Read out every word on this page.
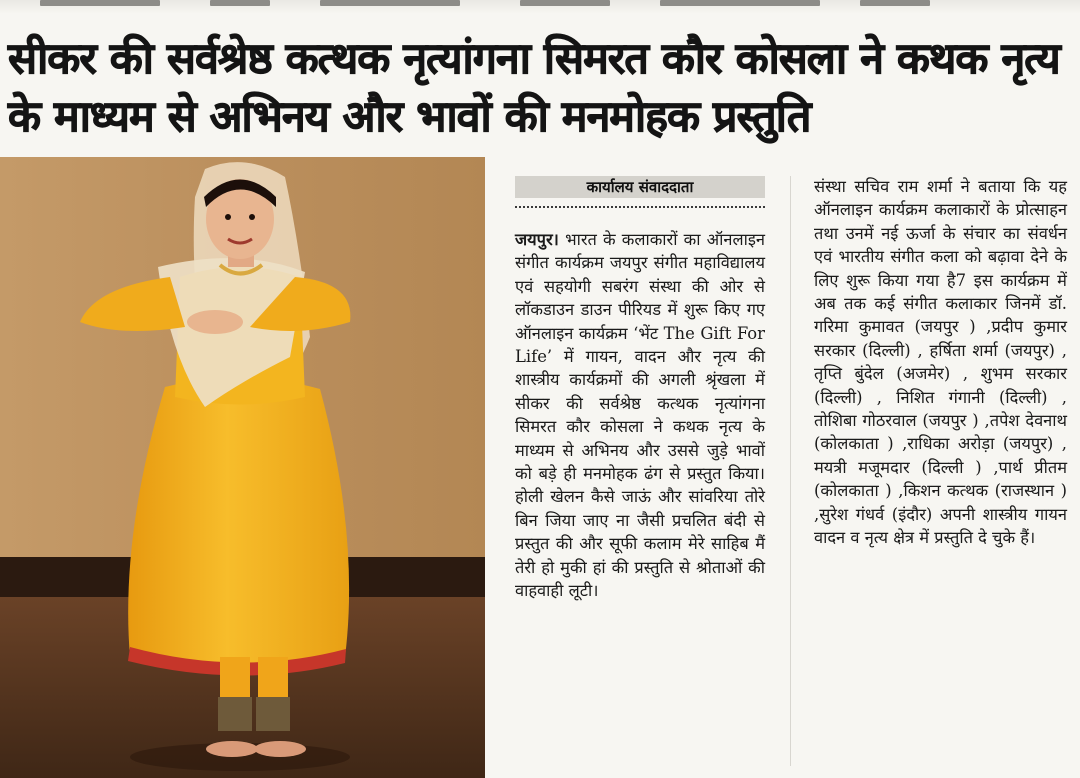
सीकर की सर्वश्रेष्ठ कत्थक नृत्यांगना सिमरत कौर कोसला ने कथक नृत्य के माध्यम से अभिनय और भावों की मनमोहक प्रस्तुति
कार्यालय संवाददाता
जयपुर। भारत के कलाकारों का ऑनलाइन संगीत कार्यक्रम जयपुर संगीत महाविद्यालय एवं सहयोगी सबरंग संस्था की ओर से लॉकडाउन डाउन पीरियड में शुरू किए गए ऑनलाइन कार्यक्रम ‘भेंट The Gift For Life’ में गायन, वादन और नृत्य की शास्त्रीय कार्यक्रमों की अगली श्रृंखला में सीकर की सर्वश्रेष्ठ कत्थक नृत्यांगना सिमरत कौर कोसला ने कथक नृत्य के माध्यम से अभिनय और उससे जुड़े भावों को बड़े ही मनमोहक ढंग से प्रस्तुत किया। होली खेलन कैसे जाऊं और सांवरिया तोरे बिन जिया जाए ना जैसी प्रचलित बंदी से प्रस्तुत की और सूफी कलाम मेरे साहिब मैं तेरी हो मुकी हां की प्रस्तुति से श्रोताओं की वाहवाही लूटी।
संस्था सचिव राम शर्मा ने बताया कि यह ऑनलाइन कार्यक्रम कलाकारों के प्रोत्साहन तथा उनमें नई ऊर्जा के संचार का संवर्धन एवं भारतीय संगीत कला को बढ़ावा देने के लिए शुरू किया गया है7 इस कार्यक्रम में अब तक कई संगीत कलाकार जिनमें डॉ. गरिमा कुमावत (जयपुर ) ,प्रदीप कुमार सरकार (दिल्ली) , हर्षिता शर्मा (जयपुर) , तृप्ति बुंदेल (अजमेर) , शुभम सरकार (दिल्ली) , निशित गंगानी (दिल्ली) , तोशिबा गोठरवाल (जयपुर ) ,तपेश देवनाथ (कोलकाता ) ,राधिका अरोड़ा (जयपुर) , मयत्री मजूमदार (दिल्ली ) ,पार्थ प्रीतम (कोलकाता ) ,किशन कत्थक (राजस्थान ) ,सुरेश गंधर्व (इंदौर) अपनी शास्त्रीय गायन वादन व नृत्य क्षेत्र में प्रस्तुति दे चुके हैं।
